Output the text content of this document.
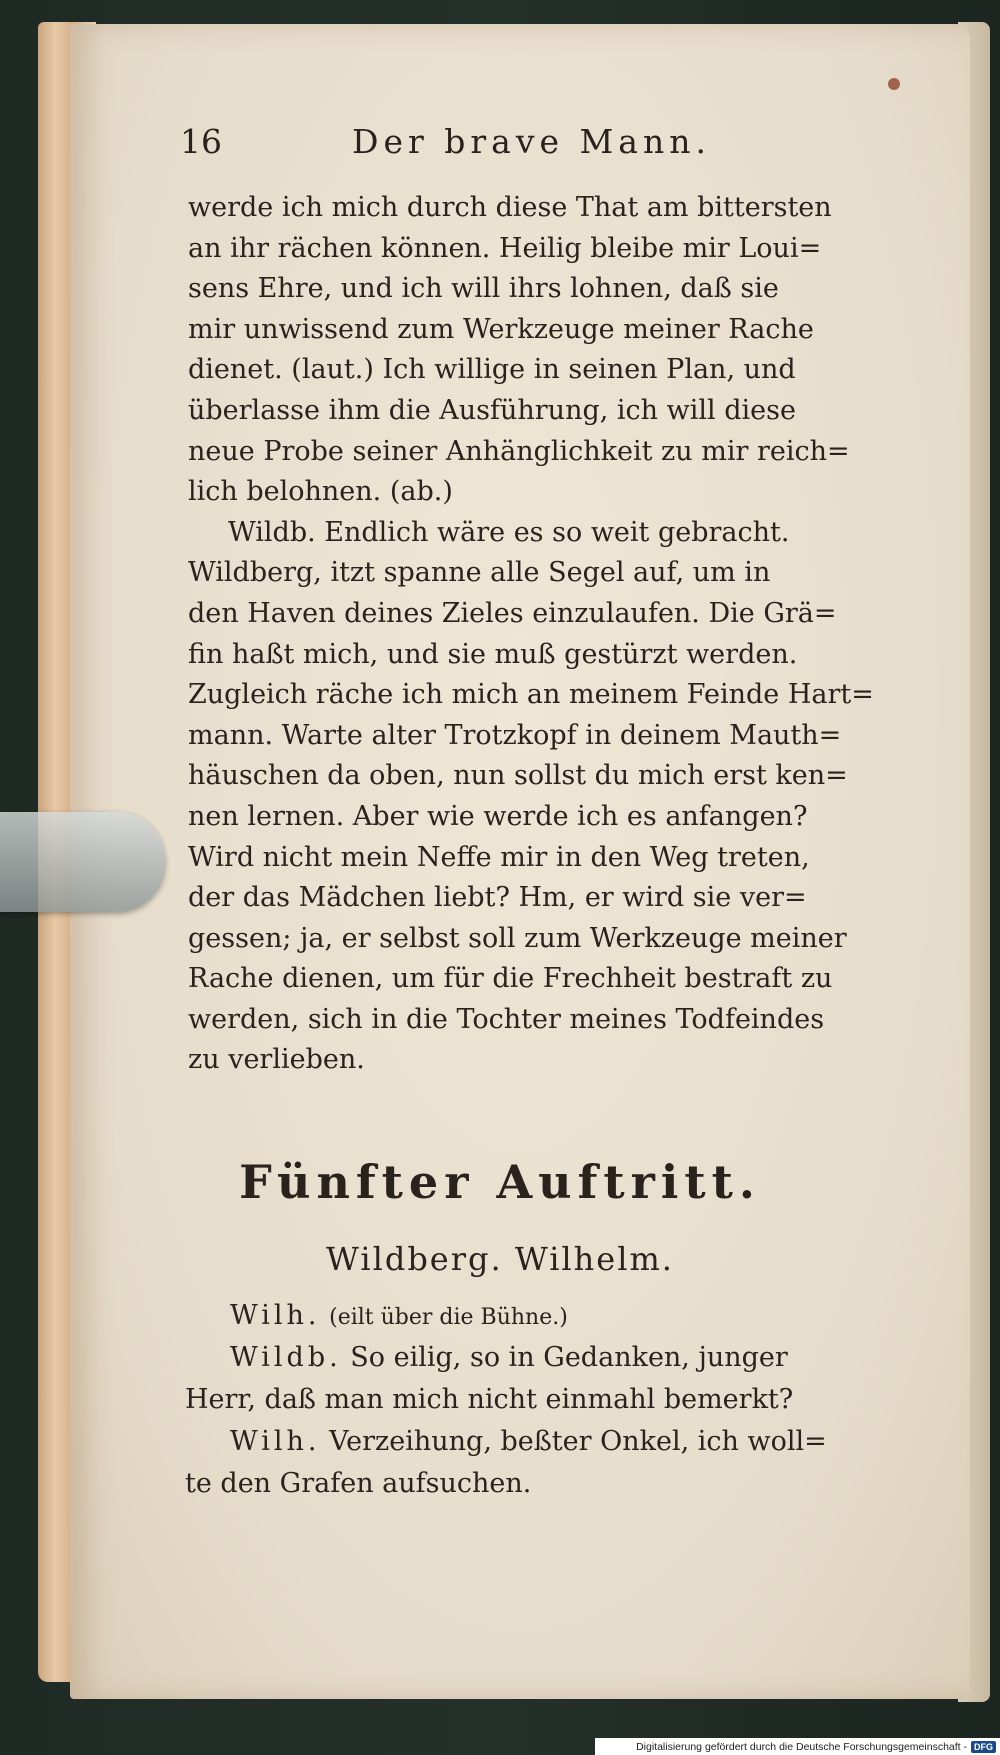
16	Der brave Mann.
werde ich mich durch diese That am bittersten
an ihr rächen können. Heilig bleibe mir Loui=
sens Ehre, und ich will ihrs lohnen, daß sie
mir unwissend zum Werkzeuge meiner Rache
dienet. (laut.) Ich willige in seinen Plan, und
überlasse ihm die Ausführung, ich will diese
neue Probe seiner Anhänglichkeit zu mir reich=
lich belohnen. (ab.)
Wildb. Endlich wäre es so weit gebracht.
Wildberg, itzt spanne alle Segel auf, um in
den Haven deines Zieles einzulaufen. Die Grä=
fin haßt mich, und sie muß gestürzt werden.
Zugleich räche ich mich an meinem Feinde Hart=
mann. Warte alter Trotzkopf in deinem Mauth=
häuschen da oben, nun sollst du mich erst ken=
nen lernen. Aber wie werde ich es anfangen?
Wird nicht mein Neffe mir in den Weg treten,
der das Mädchen liebt? Hm, er wird sie ver=
gessen; ja, er selbst soll zum Werkzeuge meiner
Rache dienen, um für die Frechheit bestraft zu
werden, sich in die Tochter meines Todfeindes
zu verlieben.
Fünfter Auftritt.
Wildberg. Wilhelm.
Wilh. (eilt über die Bühne.)
Wildb. So eilig, so in Gedanken, junger
Herr, daß man mich nicht einmahl bemerkt?
Wilh. Verzeihung, beßter Onkel, ich woll=
te den Grafen aufsuchen.
Digitalisierung gefördert durch die Deutsche Forschungsgemeinschaft - DFG
